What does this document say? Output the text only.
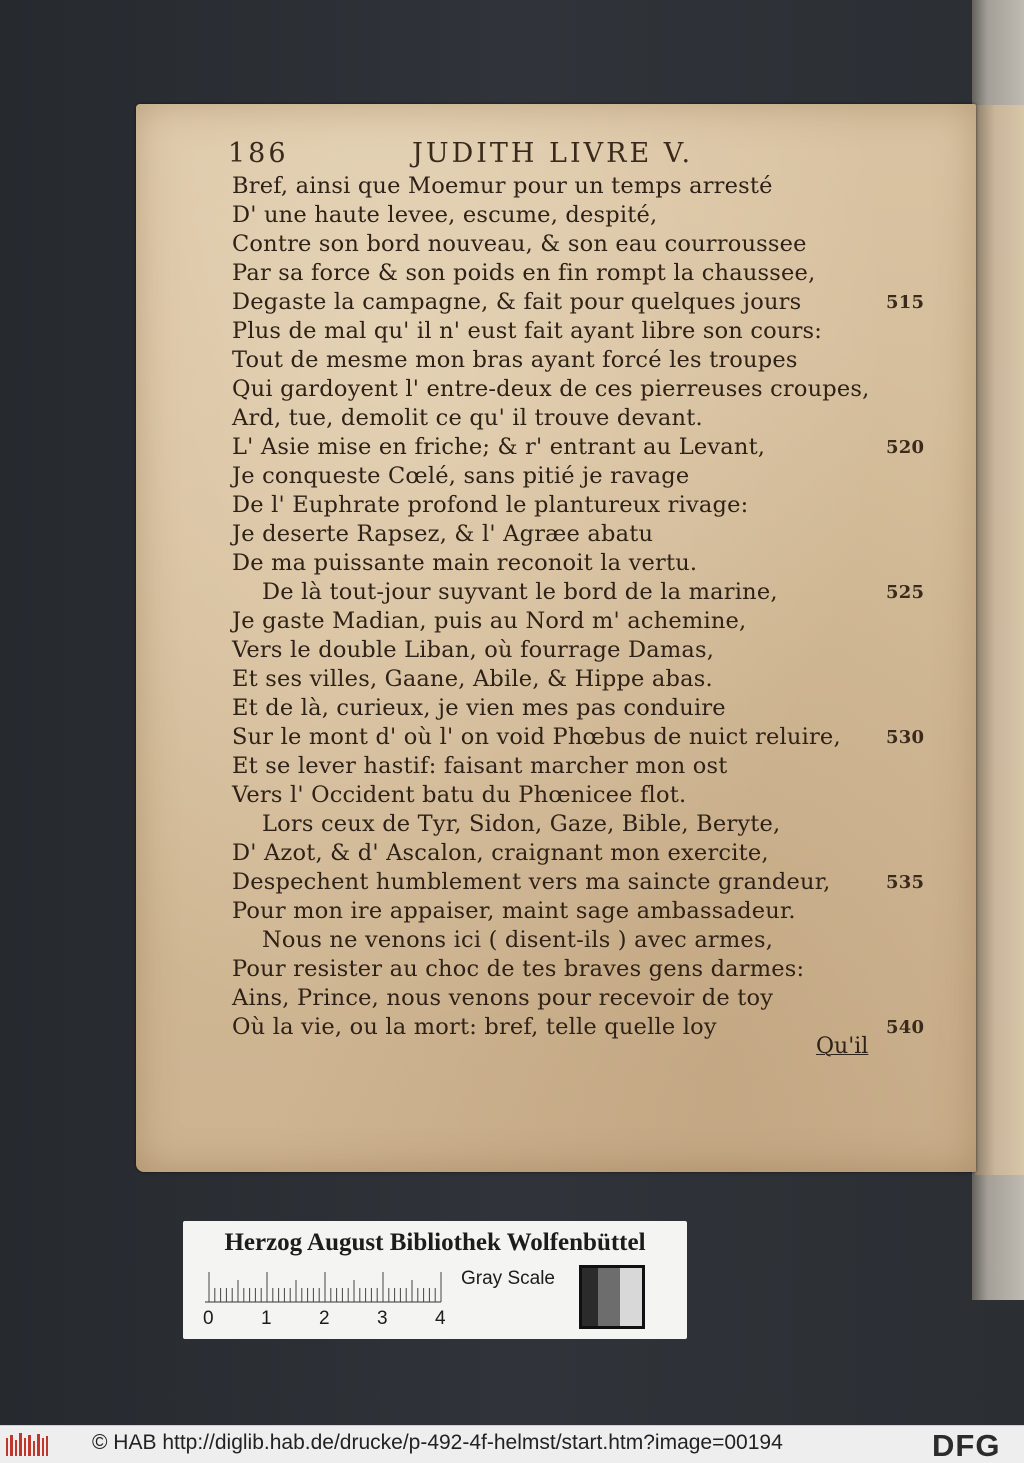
186	JUDITH LIVRE V.
Bref, ainsi que Moemur pour un temps arresté
D' une haute levee, escume, despité,
Contre son bord nouveau, & son eau courroussee
Par sa force & son poids en fin rompt la chaussee,
Degaste la campagne, & fait pour quelques jours	515
Plus de mal qu' il n' eust fait ayant libre son cours:
Tout de mesme mon bras ayant forcé les troupes
Qui gardoyent l' entre-deux de ces pierreuses croupes,
Ard, tue, demolit ce qu' il trouve devant.
L' Asie mise en friche; & r' entrant au Levant,	520
Je conqueste Cœlé, sans pitié je ravage
De l' Euphrate profond le plantureux rivage:
Je deserte Rapsez, & l' Agræe abatu
De ma puissante main reconoit la vertu.
De là tout-jour suyvant le bord de la marine,	525
Je gaste Madian, puis au Nord m' achemine,
Vers le double Liban, où fourrage Damas,
Et ses villes, Gaane, Abile, & Hippe abas.
Et de là, curieux, je vien mes pas conduire
Sur le mont d' où l' on void Phœbus de nuict reluire,	530
Et se lever hastif: faisant marcher mon ost
Vers l' Occident batu du Phœnicee flot.
Lors ceux de Tyr, Sidon, Gaze, Bible, Beryte,
D' Azot, & d' Ascalon, craignant mon exercite,
Despechent humblement vers ma saincte grandeur,	535
Pour mon ire appaiser, maint sage ambassadeur.
Nous ne venons ici ( disent-ils ) avec armes,
Pour resister au choc de tes braves gens darmes:
Ains, Prince, nous venons pour recevoir de toy
Où la vie, ou la mort: bref, telle quelle loy	540
Qu'il
Herzog August Bibliothek Wolfenbüttel
0 1 2 3 4
Gray Scale
© HAB http://diglib.hab.de/drucke/p-492-4f-helmst/start.htm?image=00194	DFG
